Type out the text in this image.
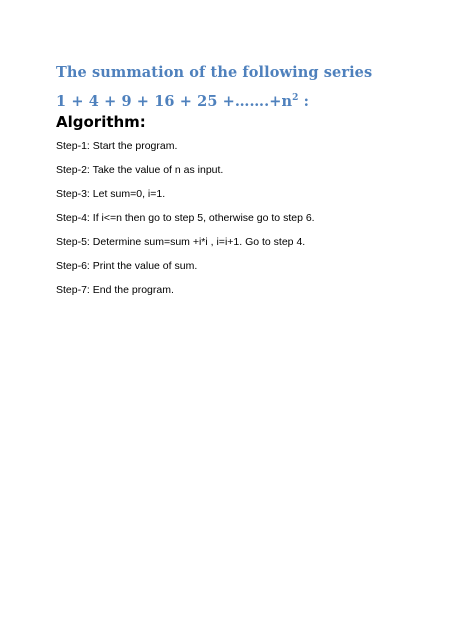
The summation of the following series
$1 + 4 + 9 + 16 + 25 +\dots\dots.+n^2$ :
Algorithm:
Step-1: Start the program.
Step-2: Take the value of n as input.
Step-3: Let sum=0, i=1.
Step-4: If i<=n then go to step 5, otherwise go to step 6.
Step-5: Determine sum=sum +i*i , i=i+1. Go to step 4.
Step-6: Print the value of sum.
Step-7: End the program.
